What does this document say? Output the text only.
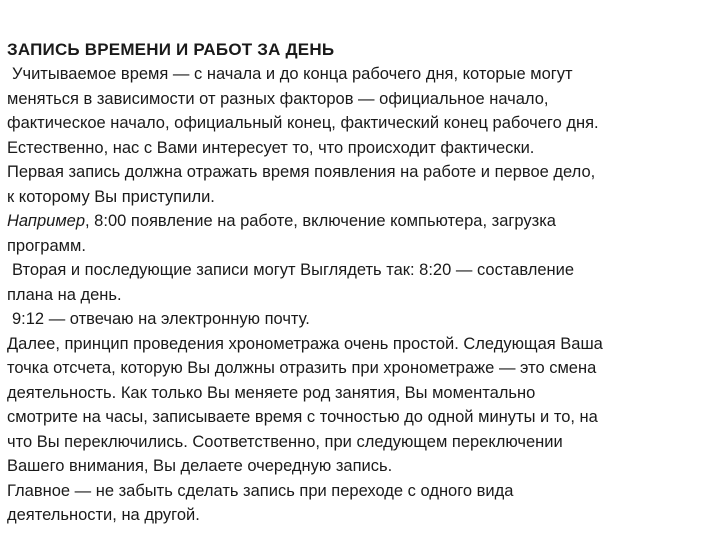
ЗАПИСЬ ВРЕМЕНИ И РАБОТ ЗА ДЕНЬ
Учитываемое время — с начала и до конца рабочего дня, которые могут
меняться в зависимости от разных факторов — официальное начало,
фактическое начало, официальный конец, фактический конец рабочего дня.
Естественно, нас с Вами интересует то, что происходит фактически.
Первая запись должна отражать время появления на работе и первое дело,
к которому Вы приступили.
Например, 8:00 появление на работе, включение компьютера, загрузка
программ.
Вторая и последующие записи могут Выглядеть так: 8:20 — составление
плана на день.
9:12 — отвечаю на электронную почту.
Далее, принцип проведения хронометража очень простой. Следующая Ваша
точка отсчета, которую Вы должны отразить при хронометраже — это смена
деятельность. Как только Вы меняете род занятия, Вы моментально
смотрите на часы, записываете время с точностью до одной минуты и то, на
что Вы переключились. Соответственно, при следующем переключении
Вашего внимания, Вы делаете очередную запись.
Главное — не забыть сделать запись при переходе с одного вида
деятельности, на другой.
